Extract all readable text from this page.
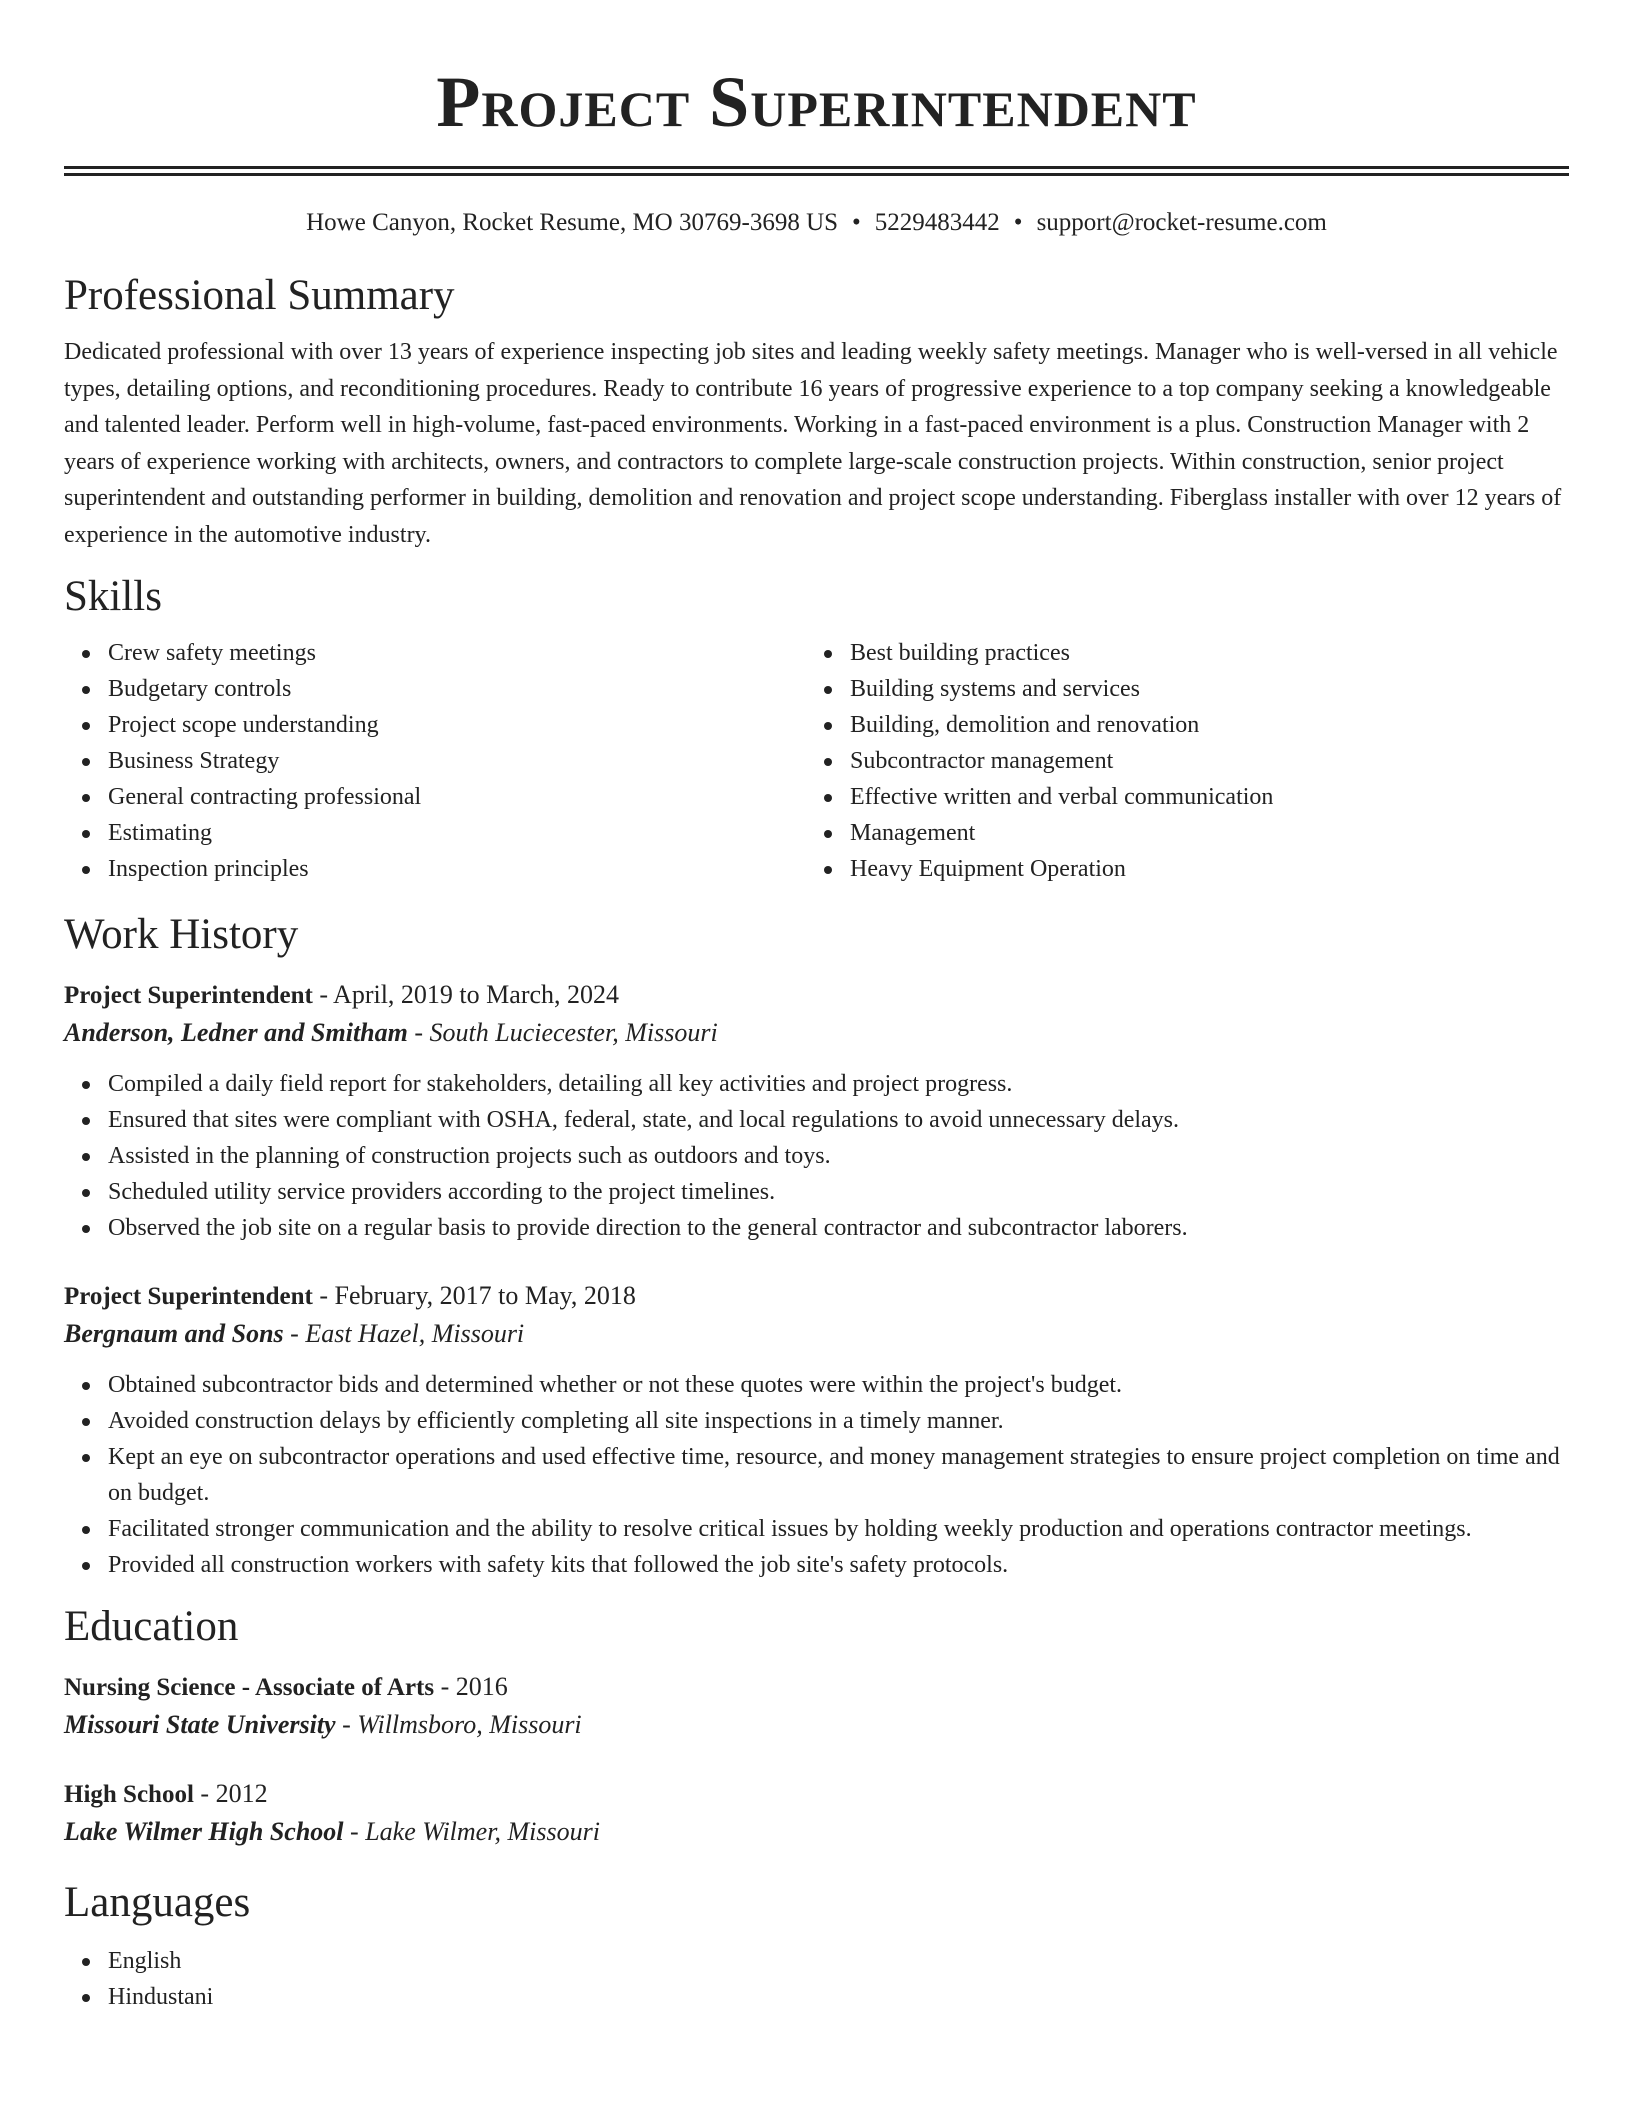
Project Superintendent
Howe Canyon, Rocket Resume, MO 30769-3698 US • 5229483442 • support@rocket-resume.com
Professional Summary

Dedicated professional with over 13 years of experience inspecting job sites and leading weekly safety meetings. Manager who is well-versed in all vehicle types, detailing options, and reconditioning procedures. Ready to contribute 16 years of progressive experience to a top company seeking a knowledgeable and talented leader. Perform well in high-volume, fast-paced environments. Working in a fast-paced environment is a plus. Construction Manager with 2 years of experience working with architects, owners, and contractors to complete large-scale construction projects. Within construction, senior project superintendent and outstanding performer in building, demolition and renovation and project scope understanding. Fiberglass installer with over 12 years of experience in the automotive industry.

Skills
Crew safety meetings
Budgetary controls
Project scope understanding
Business Strategy
General contracting professional
Estimating
Inspection principles
Best building practices
Building systems and services
Building, demolition and renovation
Subcontractor management
Effective written and verbal communication
Management
Heavy Equipment Operation
Work History
Project Superintendent - April, 2019 to March, 2024
Anderson, Ledner and Smitham - South Luciecester, Missouri
Compiled a daily field report for stakeholders, detailing all key activities and project progress.
Ensured that sites were compliant with OSHA, federal, state, and local regulations to avoid unnecessary delays.
Assisted in the planning of construction projects such as outdoors and toys.
Scheduled utility service providers according to the project timelines.
Observed the job site on a regular basis to provide direction to the general contractor and subcontractor laborers.
Project Superintendent - February, 2017 to May, 2018
Bergnaum and Sons - East Hazel, Missouri
Obtained subcontractor bids and determined whether or not these quotes were within the project's budget.
Avoided construction delays by efficiently completing all site inspections in a timely manner.
Kept an eye on subcontractor operations and used effective time, resource, and money management strategies to ensure project completion on time and on budget.
Facilitated stronger communication and the ability to resolve critical issues by holding weekly production and operations contractor meetings.
Provided all construction workers with safety kits that followed the job site's safety protocols.
Education
Nursing Science - Associate of Arts - 2016
Missouri State University - Willmsboro, Missouri
High School - 2012
Lake Wilmer High School - Lake Wilmer, Missouri
Languages
English
Hindustani
